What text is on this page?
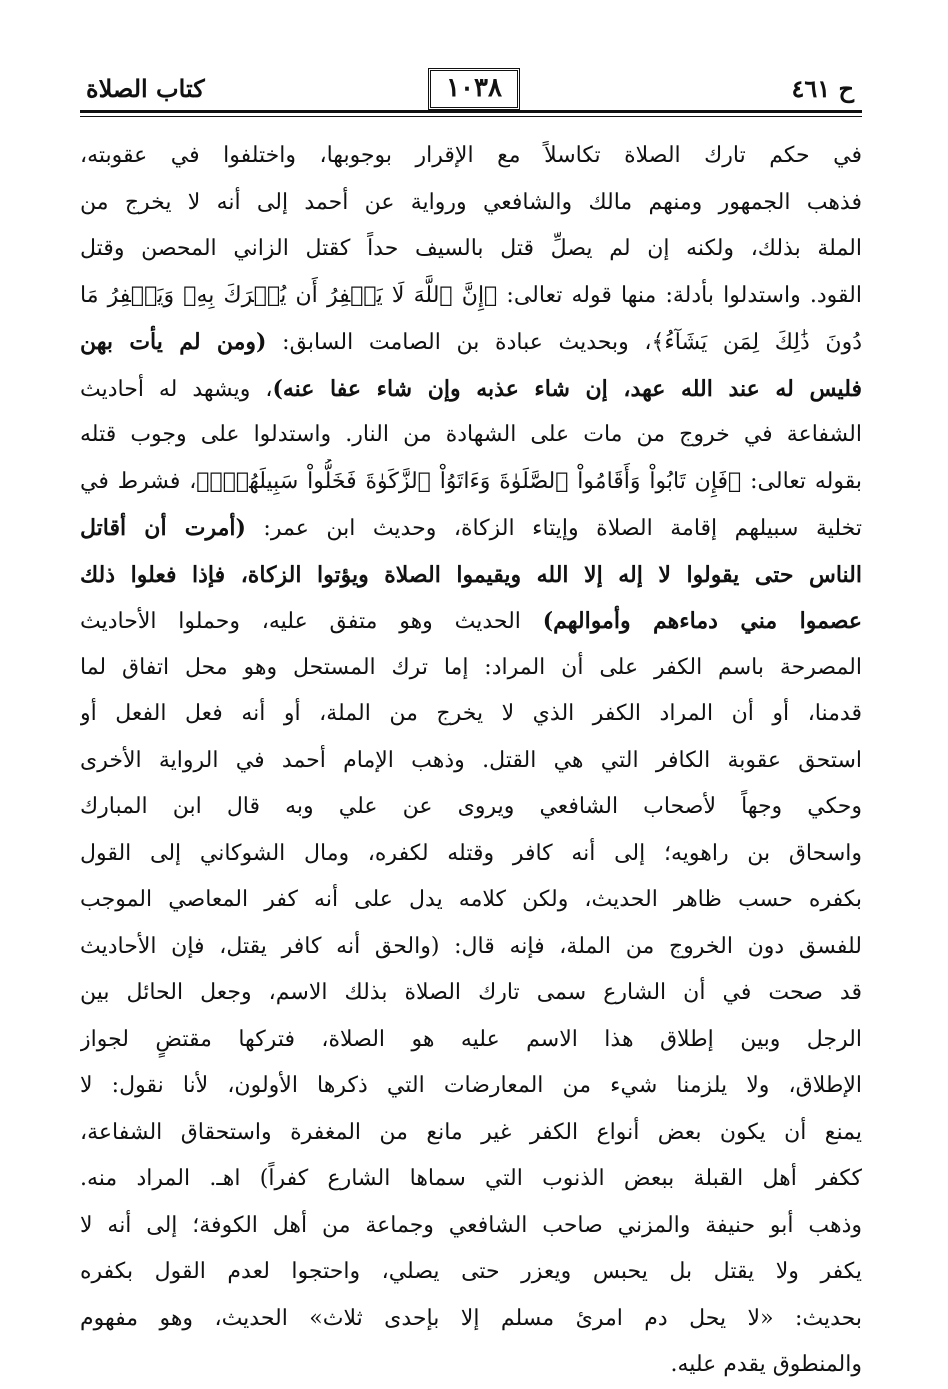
كتاب الصلاة	١٠٣٨	ح ٤٦١
في حكم تارك الصلاة تكاسلاً مع الإقرار بوجوبها، واختلفوا في عقوبته،
فذهب الجمهور ومنهم مالك والشافعي ورواية عن أحمد إلى أنه لا يخرج من
الملة بذلك، ولكنه إن لم يصلِّ قتل بالسيف حداً كقتل الزاني المحصن وقتل
القود. واستدلوا بأدلة: منها قوله تعالى: ﴿إِنَّ ٱللَّهَ لَا يَغۡفِرُ أَن يُشۡرَكَ بِهِۦ وَيَغۡفِرُ مَا
دُونَ ذَٰلِكَ لِمَن يَشَآءُ﴾، وبحديث عبادة بن الصامت السابق: (ومن لم يأت بهن
فليس له عند الله عهد، إن شاء عذبه وإن شاء عفا عنه)، ويشهد له أحاديث
الشفاعة في خروج من مات على الشهادة من النار. واستدلوا على وجوب قتله
بقوله تعالى: ﴿فَإِن تَابُواْ وَأَقَامُواْ ٱلصَّلَوٰةَ وَءَاتَوُاْ ٱلزَّكَوٰةَ فَخَلُّواْ سَبِيلَهُمۡۚ﴾، فشرط في
تخلية سبيلهم إقامة الصلاة وإيتاء الزكاة، وحديث ابن عمر: (أمرت أن أقاتل
الناس حتى يقولوا لا إله إلا الله ويقيموا الصلاة ويؤتوا الزكاة، فإذا فعلوا ذلك
عصموا مني دماءهم وأموالهم) الحديث وهو متفق عليه، وحملوا الأحاديث
المصرحة باسم الكفر على أن المراد: إما ترك المستحل وهو محل اتفاق لما
قدمنا، أو أن المراد الكفر الذي لا يخرج من الملة، أو أنه فعل الفعل أو
استحق عقوبة الكافر التي هي القتل. وذهب الإمام أحمد في الرواية الأخرى
وحكي وجهاً لأصحاب الشافعي ويروى عن علي وبه قال ابن المبارك
واسحاق بن راهويه؛ إلى أنه كافر وقتله لكفره، ومال الشوكاني إلى القول
بكفره حسب ظاهر الحديث، ولكن كلامه يدل على أنه كفر المعاصي الموجب
للفسق دون الخروج من الملة، فإنه قال: (والحق أنه كافر يقتل، فإن الأحاديث
قد صحت في أن الشارع سمى تارك الصلاة بذلك الاسم، وجعل الحائل بين
الرجل وبين إطلاق هذا الاسم عليه هو الصلاة، فتركها مقتضٍ لجواز
الإطلاق، ولا يلزمنا شيء من المعارضات التي ذكرها الأولون، لأنا نقول: لا
يمنع أن يكون بعض أنواع الكفر غير مانع من المغفرة واستحقاق الشفاعة،
ككفر أهل القبلة ببعض الذنوب التي سماها الشارع كفراً) اهـ. المراد منه.
وذهب أبو حنيفة والمزني صاحب الشافعي وجماعة من أهل الكوفة؛ إلى أنه لا
يكفر ولا يقتل بل يحبس ويعزر حتى يصلي، واحتجوا لعدم القول بكفره
بحديث: «لا يحل دم امرئ مسلم إلا بإحدى ثلاث» الحديث، وهو مفهوم
والمنطوق يقدم عليه.
